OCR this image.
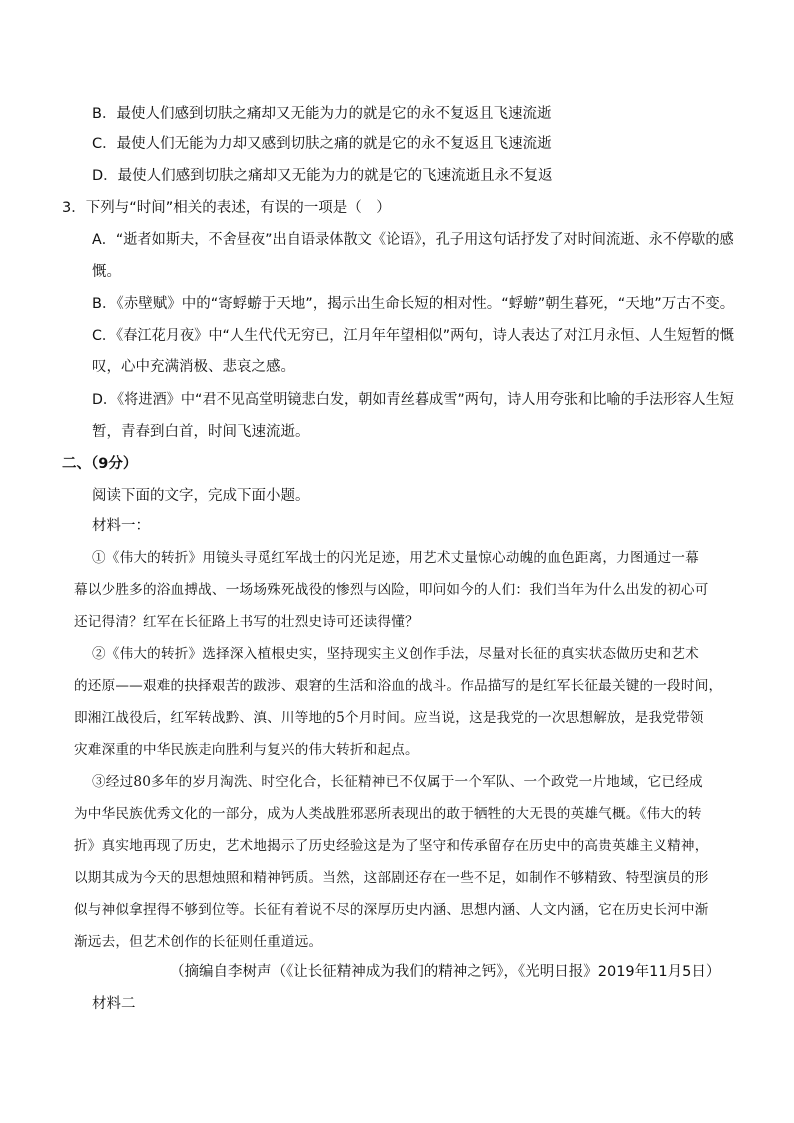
B．最使人们感到切肤之痛却又无能为力的就是它的永不复返且飞速流逝
C．最使人们无能为力却又感到切肤之痛的就是它的永不复返且飞速流逝
D．最使人们感到切肤之痛却又无能为力的就是它的飞速流逝且永不复返
3．下列与“时间”相关的表述，有误的一项是（　）
A．“逝者如斯夫，不舍昼夜”出自语录体散文《论语》，孔子用这句话抒发了对时间流逝、永不停歇的感
慨。
B．《赤壁赋》中的“寄蜉蝣于天地”，揭示出生命长短的相对性。“蜉蝣”朝生暮死，“天地”万古不变。
C．《春江花月夜》中“人生代代无穷已，江月年年望相似”两句，诗人表达了对江月永恒、人生短暂的慨
叹，心中充满消极、悲哀之感。
D．《将进酒》中“君不见高堂明镜悲白发，朝如青丝暮成雪”两句，诗人用夸张和比喻的手法形容人生短
暂，青春到白首，时间飞速流逝。
二、（9分）
阅读下面的文字，完成下面小题。
材料一：
①《伟大的转折》用镜头寻觅红军战士的闪光足迹，用艺术丈量惊心动魄的血色距离，力图通过一幕
幕以少胜多的浴血搏战、一场场殊死战役的惨烈与凶险，叩问如今的人们：我们当年为什么出发的初心可
还记得清？红军在长征路上书写的壮烈史诗可还读得懂？
②《伟大的转折》选择深入植根史实，坚持现实主义创作手法，尽量对长征的真实状态做历史和艺术
的还原——艰难的抉择艰苦的跋涉、艰窘的生活和浴血的战斗。作品描写的是红军长征最关键的一段时间，
即湘江战役后，红军转战黔、滇、川等地的5个月时间。应当说，这是我党的一次思想解放，是我党带领
灾难深重的中华民族走向胜利与复兴的伟大转折和起点。
③经过80多年的岁月淘洗、时空化合，长征精神已不仅属于一个军队、一个政党一片地域，它已经成
为中华民族优秀文化的一部分，成为人类战胜邪恶所表现出的敢于牺牲的大无畏的英雄气概。《伟大的转
折》真实地再现了历史，艺术地揭示了历史经验这是为了坚守和传承留存在历史中的高贵英雄主义精神，
以期其成为今天的思想烛照和精神钙质。当然，这部剧还存在一些不足，如制作不够精致、特型演员的形
似与神似拿捏得不够到位等。长征有着说不尽的深厚历史内涵、思想内涵、人文内涵，它在历史长河中渐
渐远去，但艺术创作的长征则任重道远。
（摘编自李树声（《让长征精神成为我们的精神之钙》，《光明日报》2019年11月5日）
材料二
